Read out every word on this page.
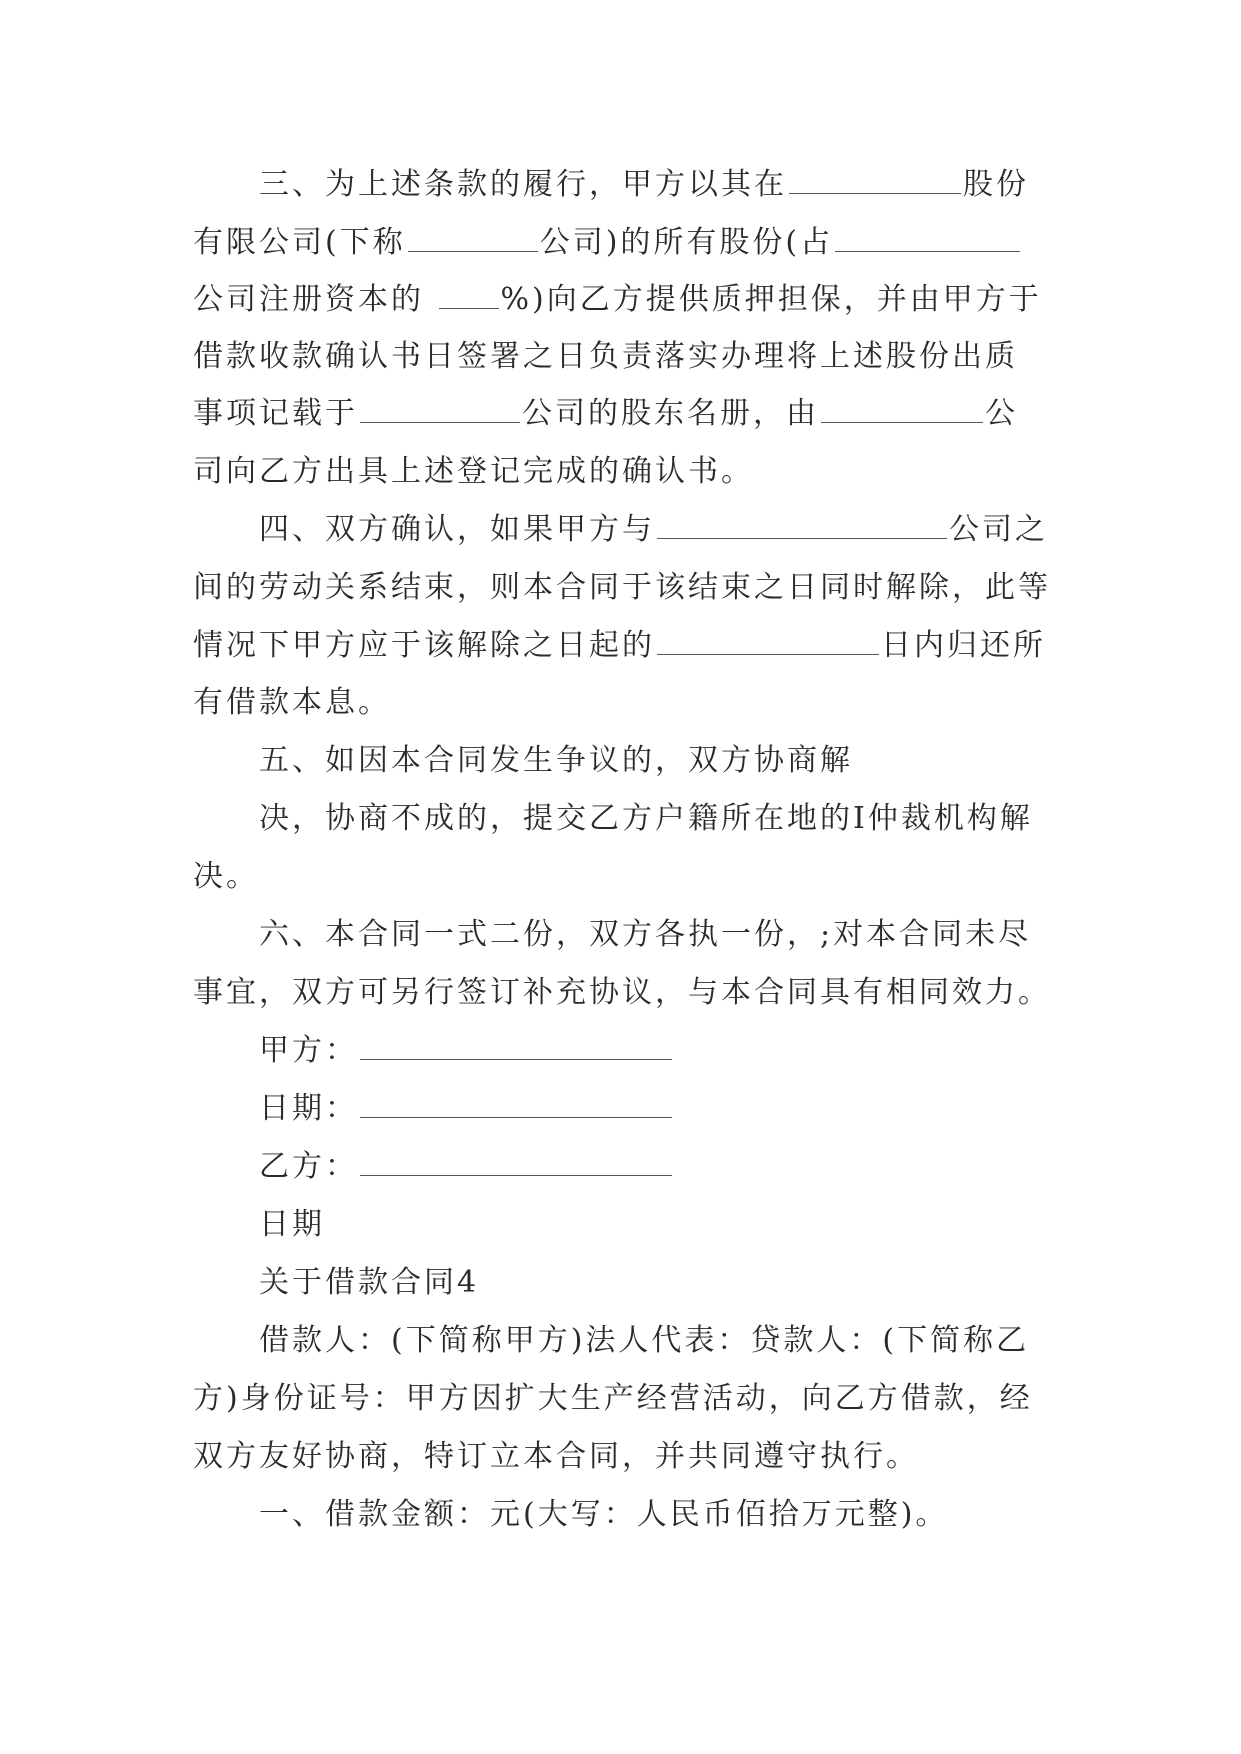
三、为上述条款的履行，甲方以其在	股份
有限公司(下称	公司)的所有股份(占
公司注册资本的	%)向乙方提供质押担保，并由甲方于
借款收款确认书日签署之日负责落实办理将上述股份出质
事项记载于	公司的股东名册，由	公
司向乙方出具上述登记完成的确认书。
四、双方确认，如果甲方与	公司之
间的劳动关系结束，则本合同于该结束之日同时解除，此等
情况下甲方应于该解除之日起的	日内归还所
有借款本息。
五、如因本合同发生争议的，双方协商解
决，协商不成的，提交乙方户籍所在地的I仲裁机构解
决。
六、本合同一式二份，双方各执一份，;对本合同未尽
事宜，双方可另行签订补充协议，与本合同具有相同效力。
甲方：
日期：
乙方：
日期
关于借款合同4
借款人：(下简称甲方)法人代表：贷款人：(下简称乙
方)身份证号：甲方因扩大生产经营活动，向乙方借款，经
双方友好协商，特订立本合同，并共同遵守执行。
一、借款金额：元(大写：人民币佰拾万元整)。
